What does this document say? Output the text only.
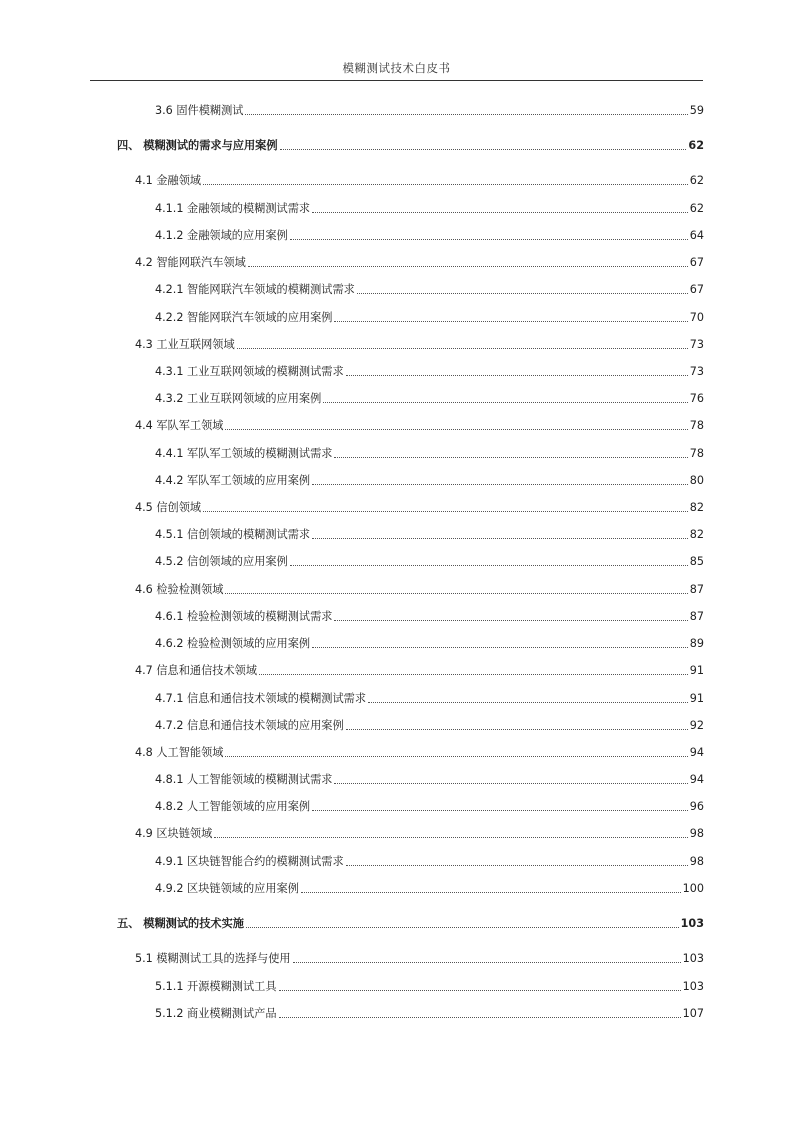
模糊测试技术白皮书
3.6 固件模糊测试	59
四、 模糊测试的需求与应用案例	62
4.1 金融领域	62
4.1.1 金融领域的模糊测试需求	62
4.1.2 金融领域的应用案例	64
4.2 智能网联汽车领域	67
4.2.1 智能网联汽车领域的模糊测试需求	67
4.2.2 智能网联汽车领域的应用案例	70
4.3 工业互联网领域	73
4.3.1 工业互联网领域的模糊测试需求	73
4.3.2 工业互联网领域的应用案例	76
4.4 军队军工领域	78
4.4.1 军队军工领域的模糊测试需求	78
4.4.2 军队军工领域的应用案例	80
4.5 信创领域	82
4.5.1 信创领域的模糊测试需求	82
4.5.2 信创领域的应用案例	85
4.6 检验检测领域	87
4.6.1 检验检测领域的模糊测试需求	87
4.6.2 检验检测领域的应用案例	89
4.7 信息和通信技术领域	91
4.7.1 信息和通信技术领域的模糊测试需求	91
4.7.2 信息和通信技术领域的应用案例	92
4.8 人工智能领域	94
4.8.1 人工智能领域的模糊测试需求	94
4.8.2 人工智能领域的应用案例	96
4.9 区块链领域	98
4.9.1 区块链智能合约的模糊测试需求	98
4.9.2 区块链领域的应用案例	100
五、 模糊测试的技术实施	103
5.1 模糊测试工具的选择与使用	103
5.1.1 开源模糊测试工具	103
5.1.2 商业模糊测试产品	107
